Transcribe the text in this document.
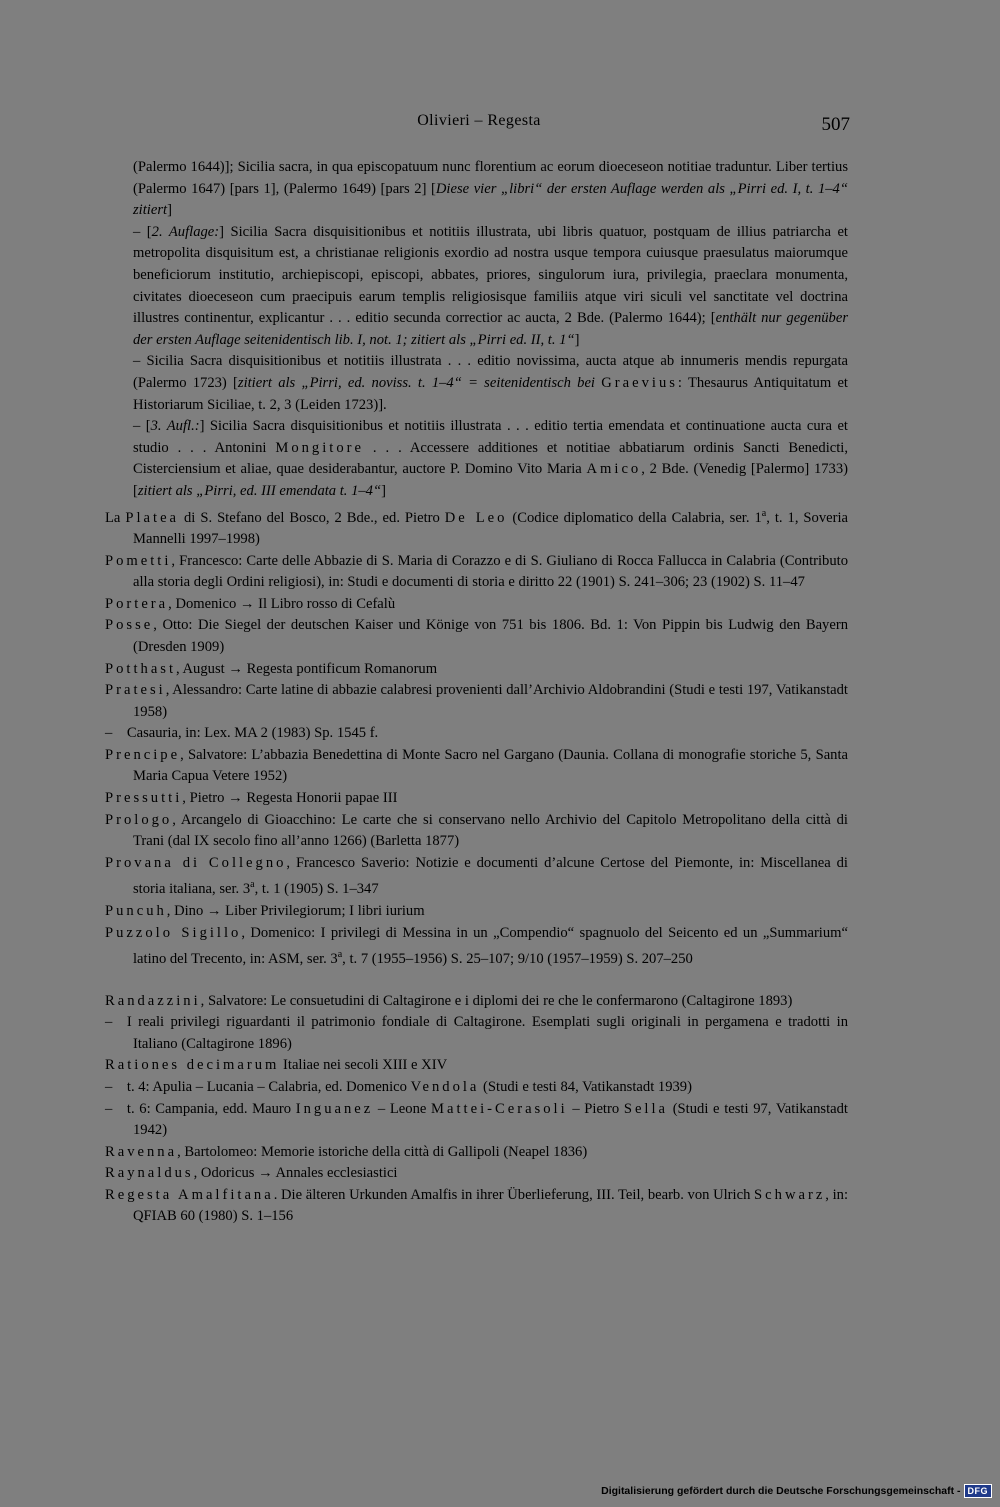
Olivieri – Regesta	507

(Palermo 1644)]; Sicilia sacra, in qua episcopatuum nunc florentium ac eorum dioeceseon notitiae traduntur. Liber tertius (Palermo 1647) [pars 1], (Palermo 1649) [pars 2] [Diese vier „libri“ der ersten Auflage werden als „Pirri ed. I, t. 1–4“ zitiert]

– [2. Auflage:] Sicilia Sacra disquisitionibus et notitiis illustrata, ubi libris quatuor, postquam de illius patriarcha et metropolita disquisitum est, a christianae religionis exordio ad nostra usque tempora cuiusque praesulatus maiorumque beneficiorum institutio, archiepiscopi, episcopi, abbates, priores, singulorum iura, privilegia, praeclara monumenta, civitates dioeceseon cum praecipuis earum templis religiosisque familiis atque viri siculi vel sanctitate vel doctrina illustres continentur, explicantur . . . editio secunda correctior ac aucta, 2 Bde. (Palermo 1644); [enthält nur gegenüber der ersten Auflage seitenidentisch lib. I, not. 1; zitiert als „Pirri ed. II, t. 1“]

– Sicilia Sacra disquisitionibus et notitiis illustrata . . . editio novissima, aucta atque ab innumeris mendis repurgata (Palermo 1723) [zitiert als „Pirri, ed. noviss. t. 1–4“ = seitenidentisch bei Graevius: Thesaurus Antiquitatum et Historiarum Siciliae, t. 2, 3 (Leiden 1723)].

– [3. Aufl.:] Sicilia Sacra disquisitionibus et notitiis illustrata . . . editio tertia emendata et continuatione aucta cura et studio . . . Antonini Mongitore . . . Accessere additiones et notitiae abbatiarum ordinis Sancti Benedicti, Cisterciensium et aliae, quae desiderabantur, auctore P. Domino Vito Maria Amico, 2 Bde. (Venedig [Palermo] 1733) [zitiert als „Pirri, ed. III emendata t. 1–4“]

La Platea di S. Stefano del Bosco, 2 Bde., ed. Pietro De Leo (Codice diplomatico della Calabria, ser. 1$^a$, t. 1, Soveria Mannelli 1997–1998)

Pometti, Francesco: Carte delle Abbazie di S. Maria di Corazzo e di S. Giuliano di Rocca Fallucca in Calabria (Contributo alla storia degli Ordini religiosi), in: Studi e documenti di storia e diritto 22 (1901) S. 241–306; 23 (1902) S. 11–47

Portera, Domenico → Il Libro rosso di Cefalù

Posse, Otto: Die Siegel der deutschen Kaiser und Könige von 751 bis 1806. Bd. 1: Von Pippin bis Ludwig den Bayern (Dresden 1909)

Potthast, August → Regesta pontificum Romanorum

Pratesi, Alessandro: Carte latine di abbazie calabresi provenienti dall’Archivio Aldobrandini (Studi e testi 197, Vatikanstadt 1958)

– Casauria, in: Lex. MA 2 (1983) Sp. 1545 f.

Prencipe, Salvatore: L’abbazia Benedettina di Monte Sacro nel Gargano (Daunia. Collana di monografie storiche 5, Santa Maria Capua Vetere 1952)

Pressutti, Pietro → Regesta Honorii papae III

Prologo, Arcangelo di Gioacchino: Le carte che si conservano nello Archivio del Capitolo Metropolitano della città di Trani (dal IX secolo fino all’anno 1266) (Barletta 1877)

Provana di Collegno, Francesco Saverio: Notizie e documenti d’alcune Certose del Piemonte, in: Miscellanea di storia italiana, ser. 3$^a$, t. 1 (1905) S. 1–347

Puncuh, Dino → Liber Privilegiorum; I libri iurium

Puzzolo Sigillo, Domenico: I privilegi di Messina in un „Compendio“ spagnuolo del Seicento ed un „Summarium“ latino del Trecento, in: ASM, ser. 3$^a$, t. 7 (1955–1956) S. 25–107; 9/10 (1957–1959) S. 207–250

Randazzini, Salvatore: Le consuetudini di Caltagirone e i diplomi dei re che le confermarono (Caltagirone 1893)

– I reali privilegi riguardanti il patrimonio fondiale di Caltagirone. Esemplati sugli originali in pergamena e tradotti in Italiano (Caltagirone 1896)

Rationes decimarum Italiae nei secoli XIII e XIV

– t. 4: Apulia – Lucania – Calabria, ed. Domenico Vendola (Studi e testi 84, Vatikanstadt 1939)

– t. 6: Campania, edd. Mauro Inguanez – Leone Mattei-Cerasoli – Pietro Sella (Studi e testi 97, Vatikanstadt 1942)

Ravenna, Bartolomeo: Memorie istoriche della città di Gallipoli (Neapel 1836)

Raynaldus, Odoricus → Annales ecclesiastici

Regesta Amalfitana. Die älteren Urkunden Amalfis in ihrer Überlieferung, III. Teil, bearb. von Ulrich Schwarz, in: QFIAB 60 (1980) S. 1–156

Digitalisierung gefördert durch die Deutsche Forschungsgemeinschaft - DFG
